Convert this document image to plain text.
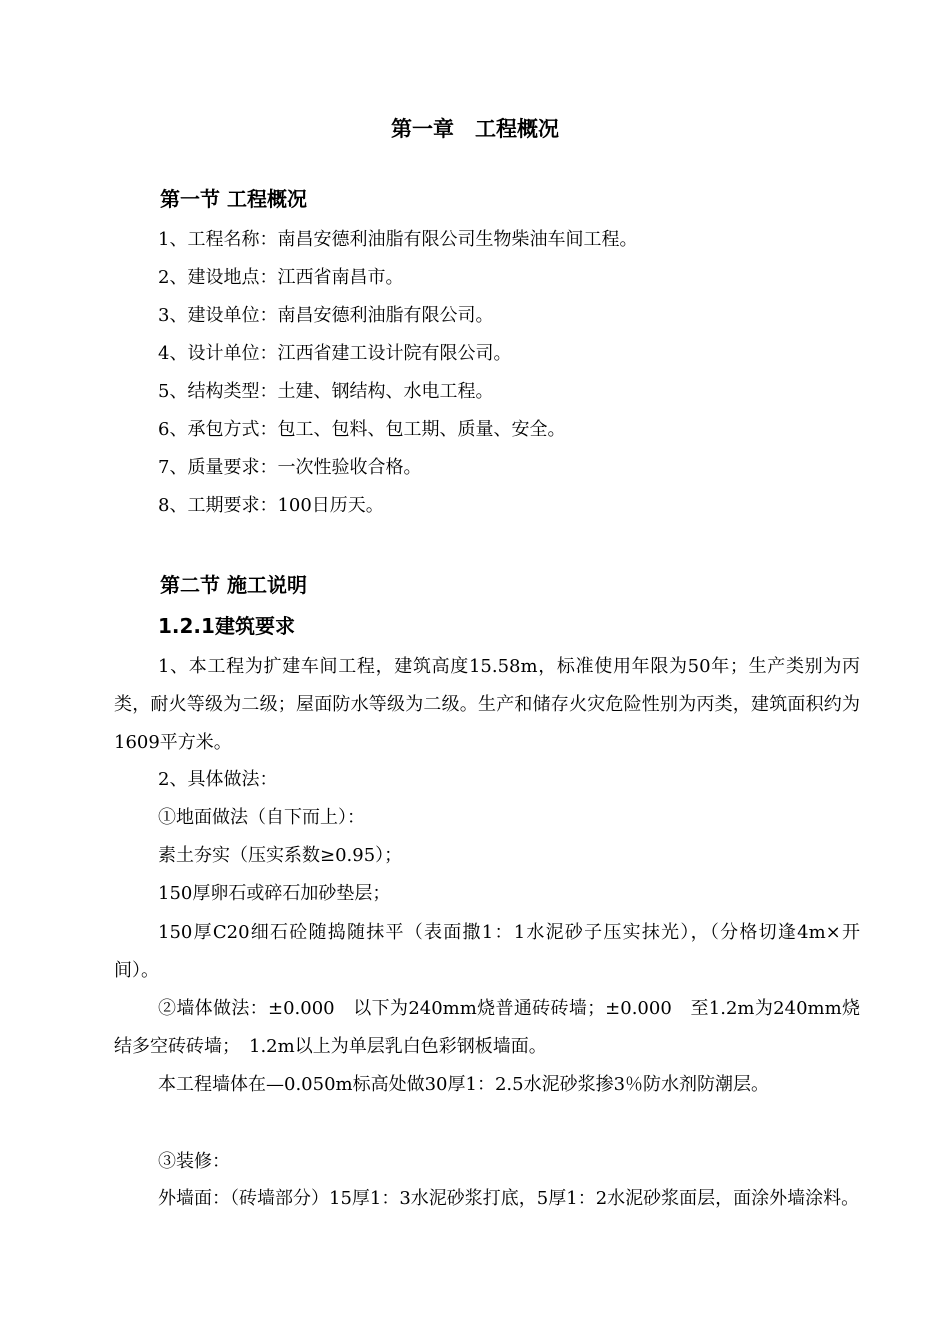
第一章　工程概况
第一节 工程概况
1、工程名称：南昌安德利油脂有限公司生物柴油车间工程。
2、建设地点：江西省南昌市。
3、建设单位：南昌安德利油脂有限公司。
4、设计单位：江西省建工设计院有限公司。
5、结构类型：土建、钢结构、水电工程。
6、承包方式：包工、包料、包工期、质量、安全。
7、质量要求：一次性验收合格。
8、工期要求：100日历天。
第二节 施工说明
1.2.1建筑要求

1、本工程为扩建车间工程，建筑高度15.58m，标准使用年限为50年；生产类别为丙类，耐火等级为二级；屋面防水等级为二级。生产和储存火灾危险性别为丙类，建筑面积约为1609平方米。

2、具体做法：
①地面做法（自下而上）：
素土夯实（压实系数≥0.95）；
150厚卵石或碎石加砂垫层；

150厚C20细石砼随捣随抹平（表面撒1：1水泥砂子压实抹光），（分格切逢4m×开间）。

②墙体做法：±0.000　以下为240mm烧普通砖砖墙；±0.000　至1.2m为240mm烧结多空砖砖墙；　1.2m以上为单层乳白色彩钢板墙面。

本工程墙体在—0.050m标高处做30厚1：2.5水泥砂浆掺3％防水剂防潮层。

③装修：

外墙面：（砖墙部分）15厚1：3水泥砂浆打底，5厚1：2水泥砂浆面层，面涂外墙涂料。
